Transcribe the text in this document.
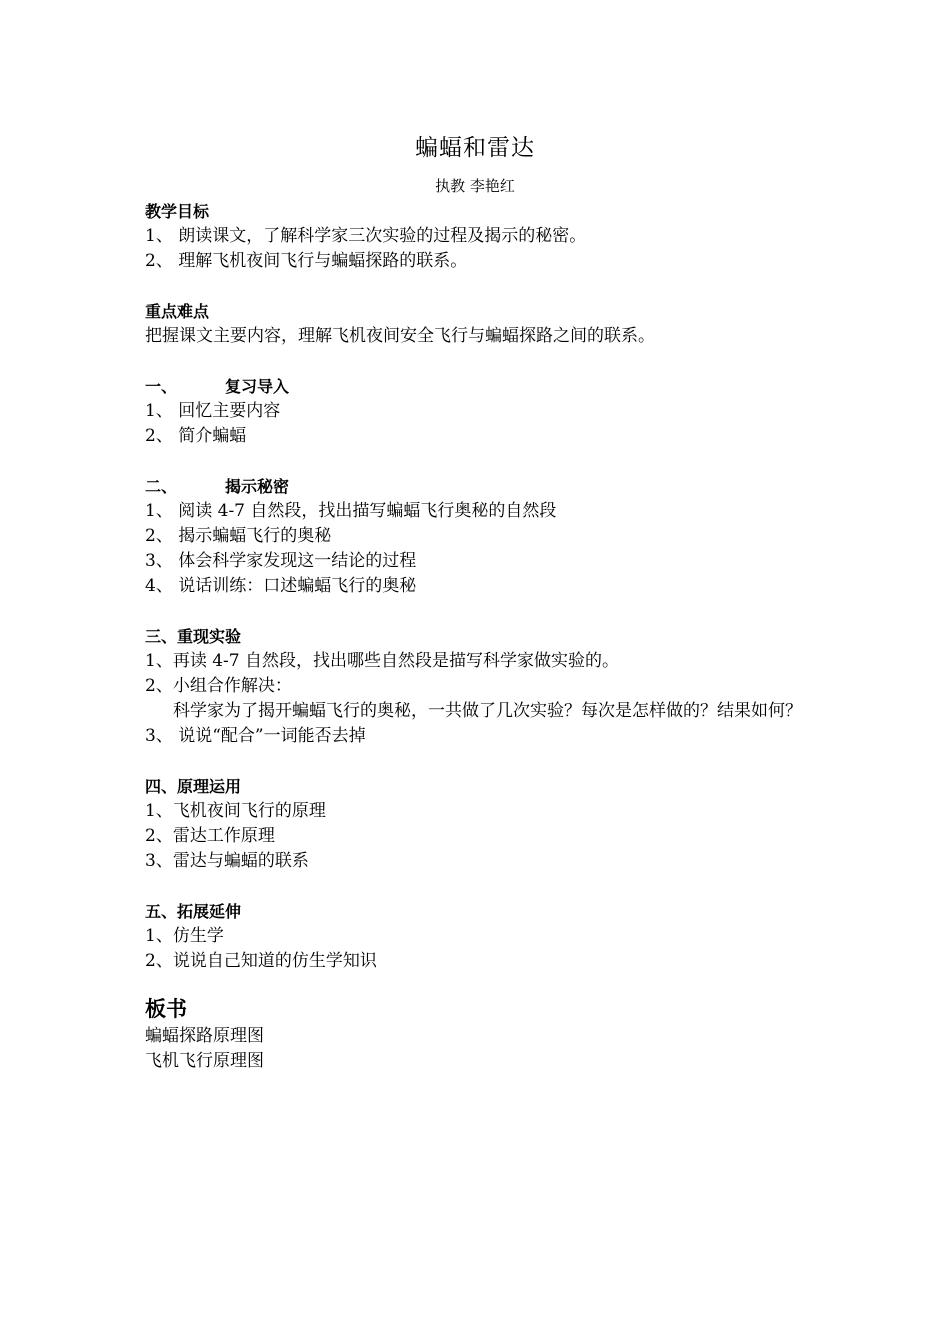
蝙蝠和雷达
执教 李艳红
教学目标
1、 朗读课文，了解科学家三次实验的过程及揭示的秘密。
2、 理解飞机夜间飞行与蝙蝠探路的联系。
重点难点
把握课文主要内容，理解飞机夜间安全飞行与蝙蝠探路之间的联系。
一、	复习导入
1、 回忆主要内容
2、 简介蝙蝠
二、	揭示秘密
1、 阅读 4-7 自然段，找出描写蝙蝠飞行奥秘的自然段
2、 揭示蝙蝠飞行的奥秘
3、 体会科学家发现这一结论的过程
4、 说话训练：口述蝙蝠飞行的奥秘
三、重现实验
1、再读 4-7 自然段，找出哪些自然段是描写科学家做实验的。
2、小组合作解决：
科学家为了揭开蝙蝠飞行的奥秘，一共做了几次实验？每次是怎样做的？结果如何？
3、 说说“配合”一词能否去掉
四、原理运用
1、飞机夜间飞行的原理
2、雷达工作原理
3、雷达与蝙蝠的联系
五、拓展延伸
1、仿生学
2、说说自己知道的仿生学知识
板书
蝙蝠探路原理图
飞机飞行原理图
